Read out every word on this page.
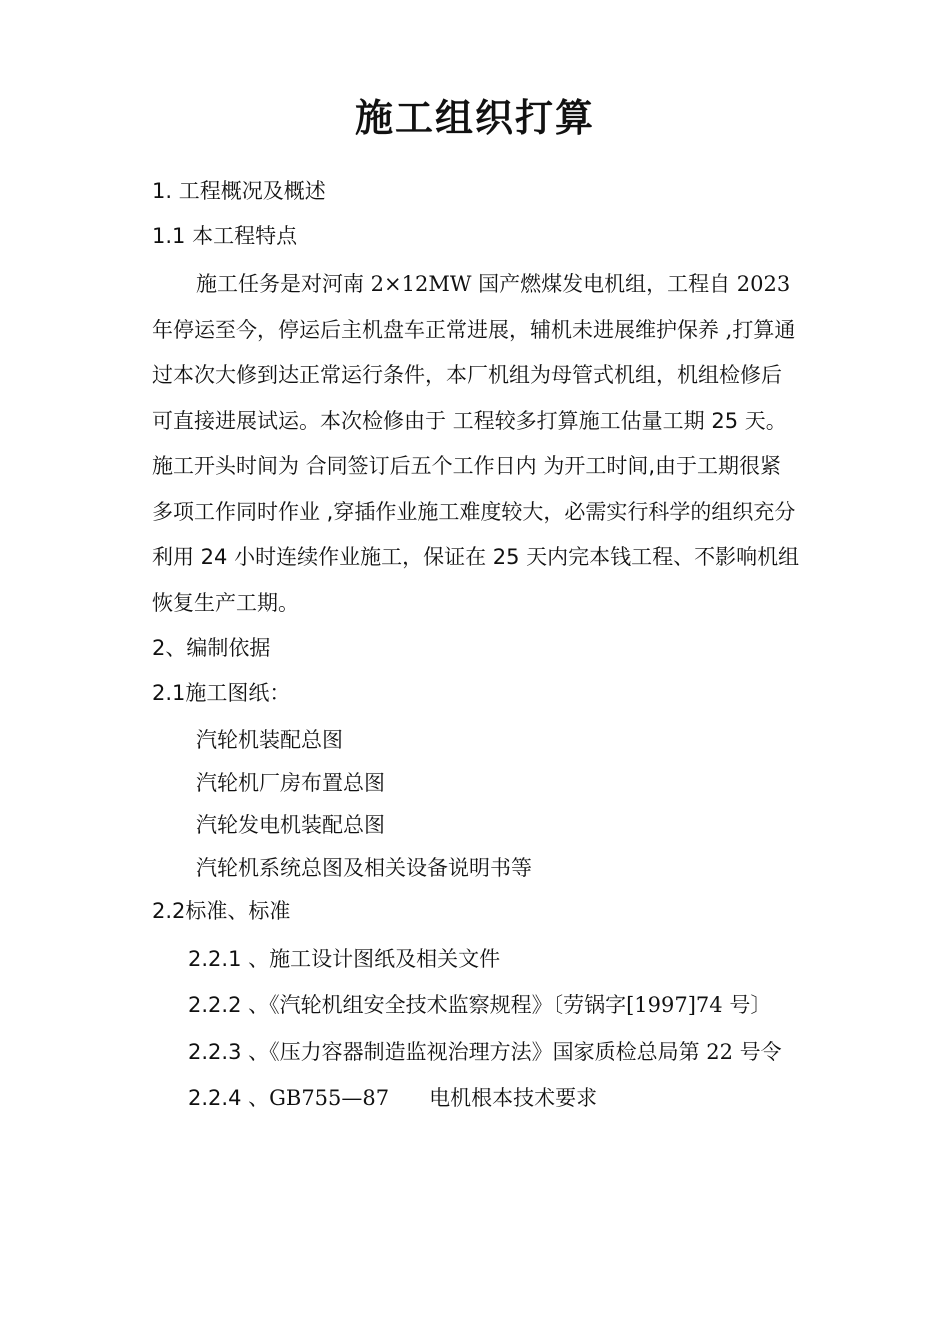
施工组织打算
1. 工程概况及概述
1.1 本工程特点

施工任务是对河南 2×12MW 国产燃煤发电机组，工程自 2023 年停运至今，停运后主机盘车正常进展，辅机未进展维护保养 ,打算通过本次大修到达正常运行条件，本厂机组为母管式机组，机组检修后可直接进展试运。本次检修由于 工程较多打算施工估量工期 25 天。 施工开头时间为 合同签订后五个工作日内 为开工时间,由于工期很紧多项工作同时作业 ,穿插作业施工难度较大，必需实行科学的组织充分 利用 24 小时连续作业施工，保证在 25 天内完本钱工程、不影响机组恢复生产工期。

2、编制依据
2.1施工图纸：
汽轮机装配总图
汽轮机厂房布置总图
汽轮发电机装配总图
汽轮机系统总图及相关设备说明书等
2.2标准、标准
2.2.1 、施工设计图纸及相关文件
2.2.2 、《汽轮机组安全技术监察规程》〔劳锅字[1997]74 号〕
2.2.3 、《压力容器制造监视治理方法》国家质检总局第 22 号令
2.2.4 、GB755—87      电机根本技术要求
